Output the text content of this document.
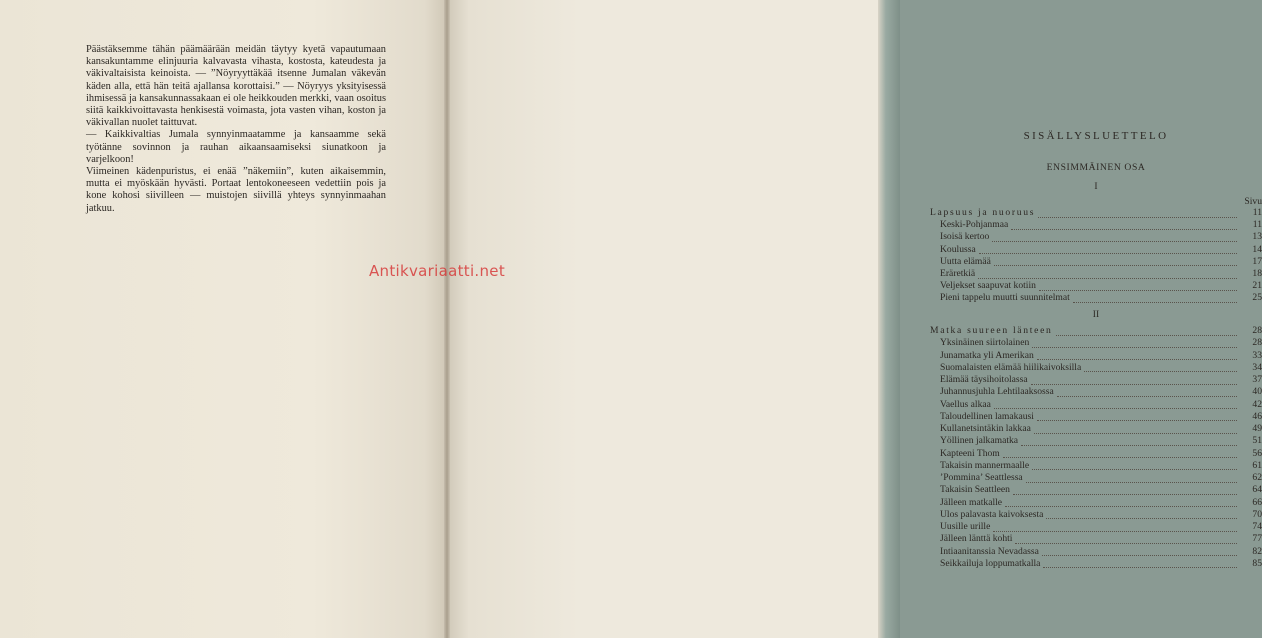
Päästäksemme tähän päämäärään meidän täytyy kyetä vapautumaan kansakuntamme elinjuuria kalvavasta vihasta, kostosta, kateudesta ja väkivaltaisista keinoista. — ”Nöyryyttäkää itsenne Jumalan väkevän käden alla, että hän teitä ajallansa korottaisi.” — Nöyryys yksityisessä ihmisessä ja kansakunnassakaan ei ole heikkouden merkki, vaan osoitus siitä kaikkivoittavasta henkisestä voimasta, jota vasten vihan, koston ja väkivallan nuolet taittuvat.

— Kaikkivaltias Jumala synnyinmaatamme ja kansaamme sekä työtänne sovinnon ja rauhan aikaansaamiseksi siunatkoon ja varjelkoon!

Viimeinen kädenpuristus, ei enää ”näkemiin”, kuten aikaisemmin, mutta ei myöskään hyvästi. Portaat lentokoneeseen vedettiin pois ja kone kohosi siivilleen — muistojen siivillä yhteys synnyinmaahan jatkuu.

SISÄLLYSLUETTELO
ENSIMMÄINEN OSA
Sivu
I
Lapsuus ja nuoruus	11
Keski-Pohjanmaa	11
Isoisä kertoo	13
Koulussa	14
Uutta elämää	17
Eräretkiä	18
Veljekset saapuvat kotiin	21
Pieni tappelu muutti suunnitelmat	25
II
Matka suureen länteen	28
Yksinäinen siirtolainen	28
Junamatka yli Amerikan	33
Suomalaisten elämää hiilikaivoksilla	34
Elämää täysihoitolassa	37
Juhannusjuhla Lehtilaaksossa	40
Vaellus alkaa	42
Taloudellinen lamakausi	46
Kullanetsintäkin lakkaa	49
Yöllinen jalkamatka	51
Kapteeni Thom	56
Takaisin mannermaalle	61
’Pommina’ Seattlessa	62
Takaisin Seattleen	64
Jälleen matkalle	66
Ulos palavasta kaivoksesta	70
Uusille urille	74
Jälleen länttä kohti	77
Intiaanitanssia Nevadassa	82
Seikkailuja loppumatkalla	85
Antikvariaatti.net
